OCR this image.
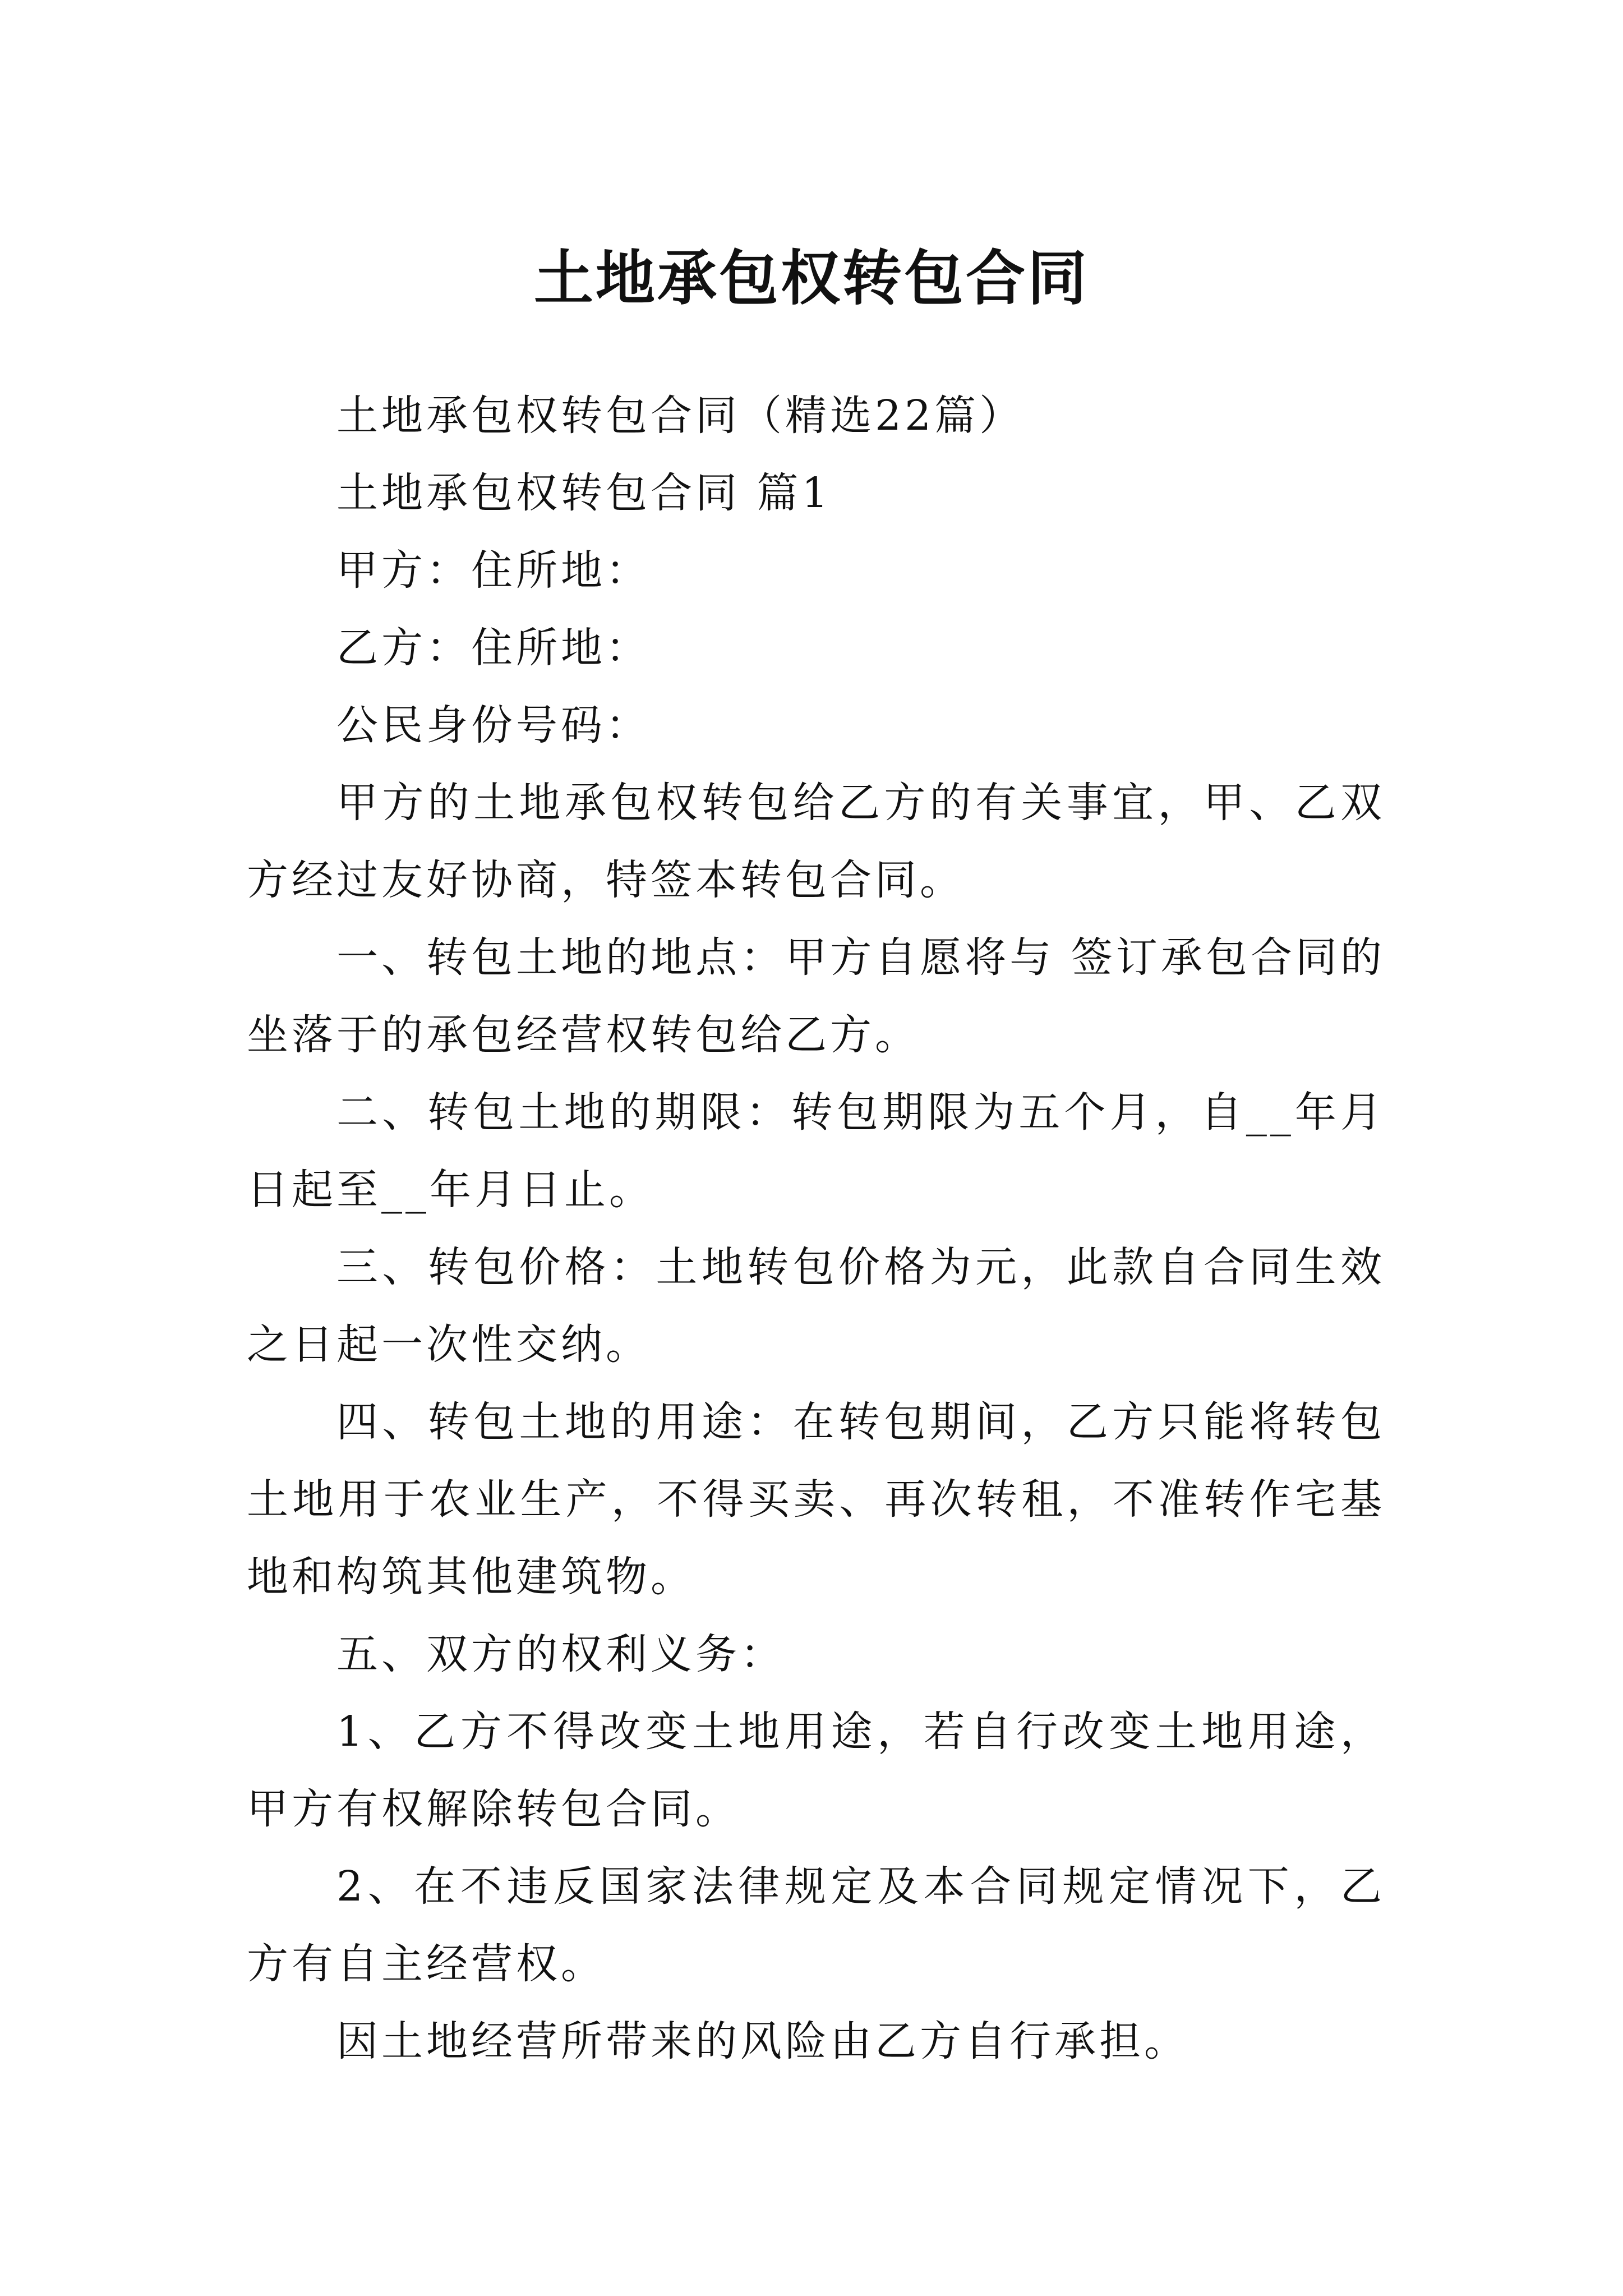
土地承包权转包合同

土地承包权转包合同（精选22篇）

土地承包权转包合同 篇1

甲方：住所地：

乙方：住所地：

公民身份号码：

甲方的土地承包权转包给乙方的有关事宜，甲、乙双方经过友好协商，特签本转包合同。

一、转包土地的地点：甲方自愿将与 签订承包合同的坐落于的承包经营权转包给乙方。

二、转包土地的期限：转包期限为五个月，自__年月日起至__年月日止。

三、转包价格：土地转包价格为元，此款自合同生效之日起一次性交纳。

四、转包土地的用途：在转包期间，乙方只能将转包土地用于农业生产，不得买卖、再次转租，不准转作宅基地和构筑其他建筑物。

五、双方的权利义务：

1、乙方不得改变土地用途，若自行改变土地用途，甲方有权解除转包合同。

2、在不违反国家法律规定及本合同规定情况下，乙方有自主经营权。

因土地经营所带来的风险由乙方自行承担。
